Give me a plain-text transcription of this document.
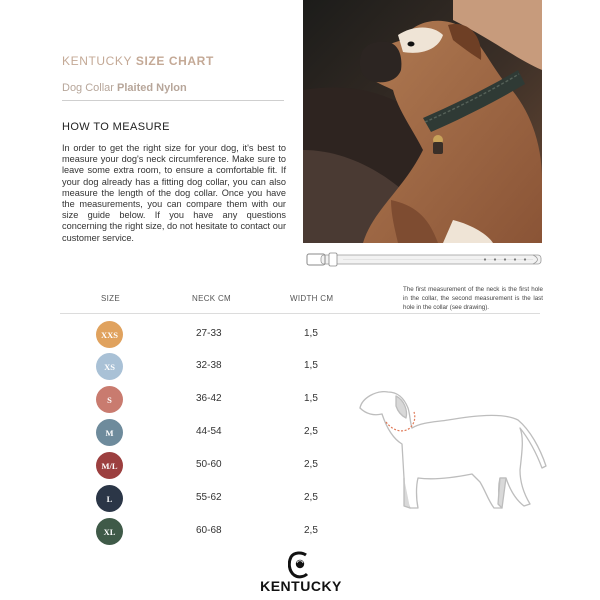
KENTUCKY SIZE CHART
Dog Collar Plaited Nylon
HOW TO MEASURE
In order to get the right size for your dog, it's best to measure your dog's neck circumference. Make sure to leave some extra room, to ensure a comfortable fit. If your dog already has a fitting dog collar, you can also measure the length of the dog collar. Once you have the measurements, you can compare them with our size guide below. If you have any questions concerning the right size, do not hesitate to contact our customer service.
The first measurement of the neck is the first hole in the collar, the second measurement is the last hole in the collar (see drawing).
SIZE	NECK CM	WIDTH CM
XXS	27-33	1,5
XS	32-38	1,5
S	36-42	1,5
M	44-54	2,5
M/L	50-60	2,5
L	55-62	2,5
XL	60-68	2,5
KENTUCKY
